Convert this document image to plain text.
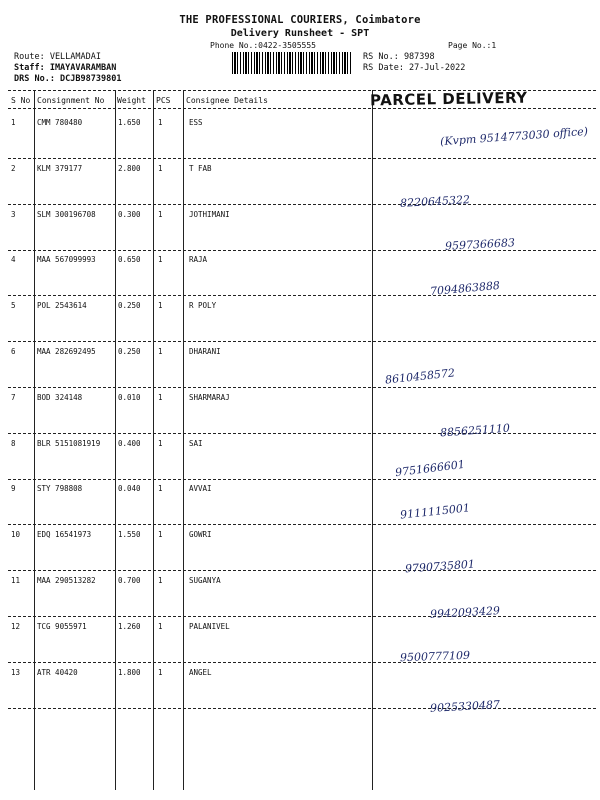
THE PROFESSIONAL COURIERS, Coimbatore
Delivery Runsheet - SPT
Phone No.:0422-3505555	Page No.:1
Route: VELLAMADAI
Staff: IMAYAVARAMBAN
DRS No.: DCJB98739801
RS No.: 987398
RS Date: 27-Jul-2022
S No Consignment No Weight PCS Consignee Details	PARCEL DELIVERY
1	CMM 780480	1.650 1	ESS
(Kvpm 9514773030 office)
2	KLM 379177	2.800 1	T FAB
8220645322
3	SLM 300196708	0.300 1	JOTHIMANI
9597366683
4	MAA 567099993	0.650 1	RAJA
7094863888
5	POL 2543614	0.250 1	R POLY
6	MAA 282692495	0.250 1	DHARANI
8610458572
7	BOD 324148	0.010 1	SHARMARAJ
8856251110
8	BLR 5151081919 0.400 1	SAI
9751666601
9	STY 798808	0.040 1	AVVAI
9111115001
10 EDQ 16541973	1.550 1	GOWRI
9790735801
11 MAA 290513282	0.700 1	SUGANYA
9942093429
12 TCG 9055971	1.260 1	PALANIVEL
9500777109
13 ATR 40420	1.800 1	ANGEL
9025330487
